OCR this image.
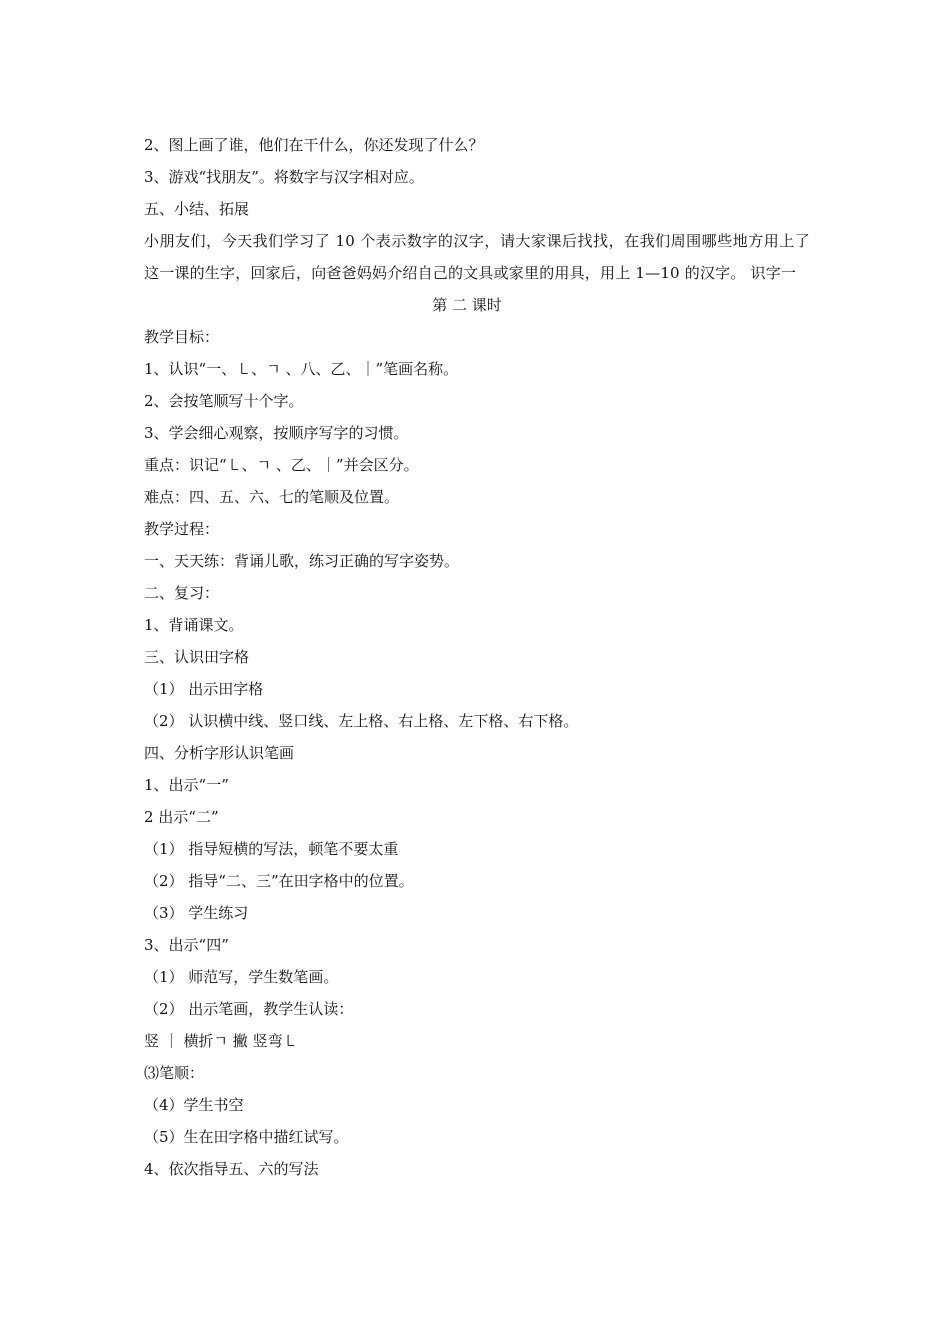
2、图上画了谁，他们在干什么，你还发现了什么？
3、游戏“找朋友”。将数字与汉字相对应。
五、小结、拓展
小朋友们，今天我们学习了 10 个表示数字的汉字，请大家课后找找，在我们周围哪些地方用上了这一课的生字，回家后，向爸爸妈妈介绍自己的文具或家里的用具，用上 1—10 的汉字。 识字一
第 二 课时
教学目标：
1、认识“一、㇄、ㄱ 、八、乙、｜”笔画名称。
2、会按笔顺写十个字。
3、学会细心观察，按顺序写字的习惯。
重点：识记“㇄、ㄱ 、乙、｜”并会区分。
难点：四、五、六、七的笔顺及位置。
教学过程：
一、天天练：背诵儿歌，练习正确的写字姿势。
二、复习：
1、背诵课文。
三、认识田字格
（1） 出示田字格
（2） 认识横中线、竖口线、左上格、右上格、左下格、右下格。
四、分析字形认识笔画
1、出示“一”
2 出示“二”
（1） 指导短横的写法，顿笔不要太重
（2） 指导“二、三”在田字格中的位置。
（3） 学生练习
3、出示“四”
（1） 师范写，学生数笔画。
（2） 出示笔画，教学生认读：
竖 ｜ 横折ㄱ 撇 竖弯㇄
⑶笔顺：
（4）学生书空
（5）生在田字格中描红试写。
4、依次指导五、六的写法
